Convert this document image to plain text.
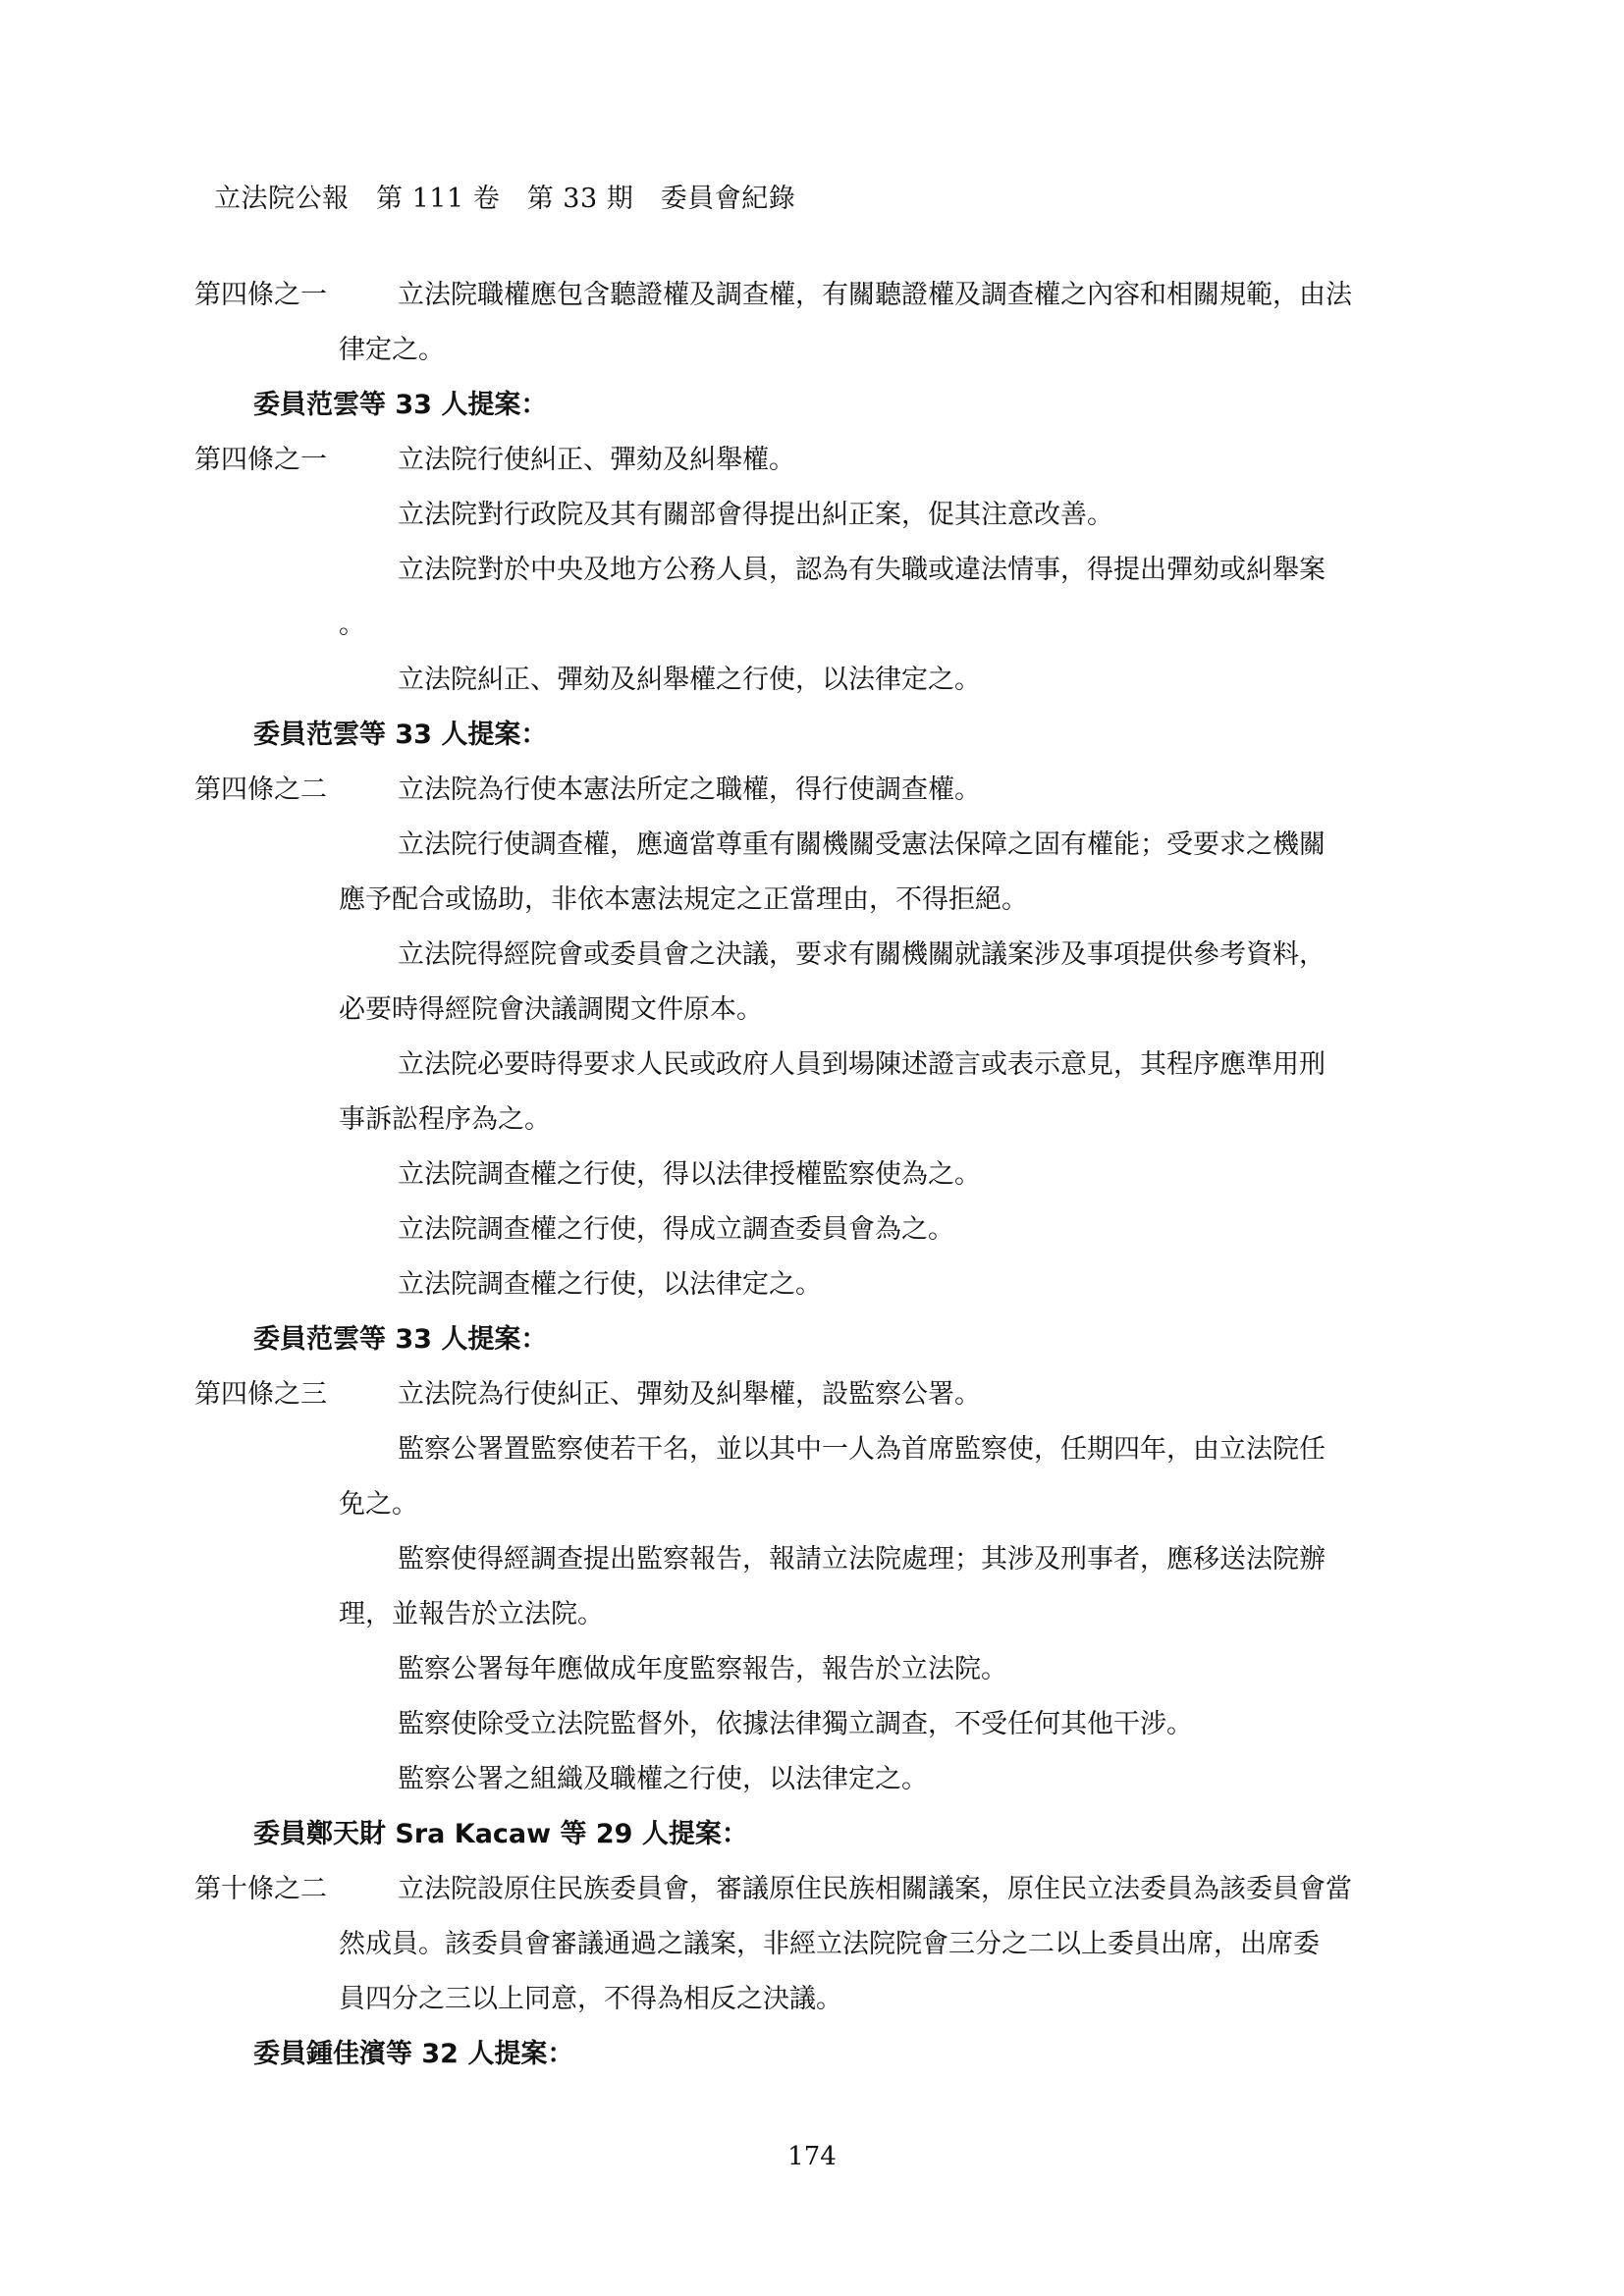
立法院公報　第 111 卷　第 33 期　委員會紀錄
第四條之一	立法院職權應包含聽證權及調查權，有關聽證權及調查權之內容和相關規範，由法
律定之。
委員范雲等 33 人提案：
第四條之一	立法院行使糾正、彈劾及糾舉權。
立法院對行政院及其有關部會得提出糾正案，促其注意改善。
立法院對於中央及地方公務人員，認為有失職或違法情事，得提出彈劾或糾舉案
。
立法院糾正、彈劾及糾舉權之行使，以法律定之。
委員范雲等 33 人提案：
第四條之二	立法院為行使本憲法所定之職權，得行使調查權。
立法院行使調查權，應適當尊重有關機關受憲法保障之固有權能；受要求之機關
應予配合或協助，非依本憲法規定之正當理由，不得拒絕。
立法院得經院會或委員會之決議，要求有關機關就議案涉及事項提供參考資料，
必要時得經院會決議調閱文件原本。
立法院必要時得要求人民或政府人員到場陳述證言或表示意見，其程序應準用刑
事訴訟程序為之。
立法院調查權之行使，得以法律授權監察使為之。
立法院調查權之行使，得成立調查委員會為之。
立法院調查權之行使，以法律定之。
委員范雲等 33 人提案：
第四條之三	立法院為行使糾正、彈劾及糾舉權，設監察公署。
監察公署置監察使若干名，並以其中一人為首席監察使，任期四年，由立法院任
免之。
監察使得經調查提出監察報告，報請立法院處理；其涉及刑事者，應移送法院辦
理，並報告於立法院。
監察公署每年應做成年度監察報告，報告於立法院。
監察使除受立法院監督外，依據法律獨立調查，不受任何其他干涉。
監察公署之組織及職權之行使，以法律定之。
委員鄭天財 Sra Kacaw 等 29 人提案：
第十條之二	立法院設原住民族委員會，審議原住民族相關議案，原住民立法委員為該委員會當
然成員。該委員會審議通過之議案，非經立法院院會三分之二以上委員出席，出席委
員四分之三以上同意，不得為相反之決議。
委員鍾佳濱等 32 人提案：
174
